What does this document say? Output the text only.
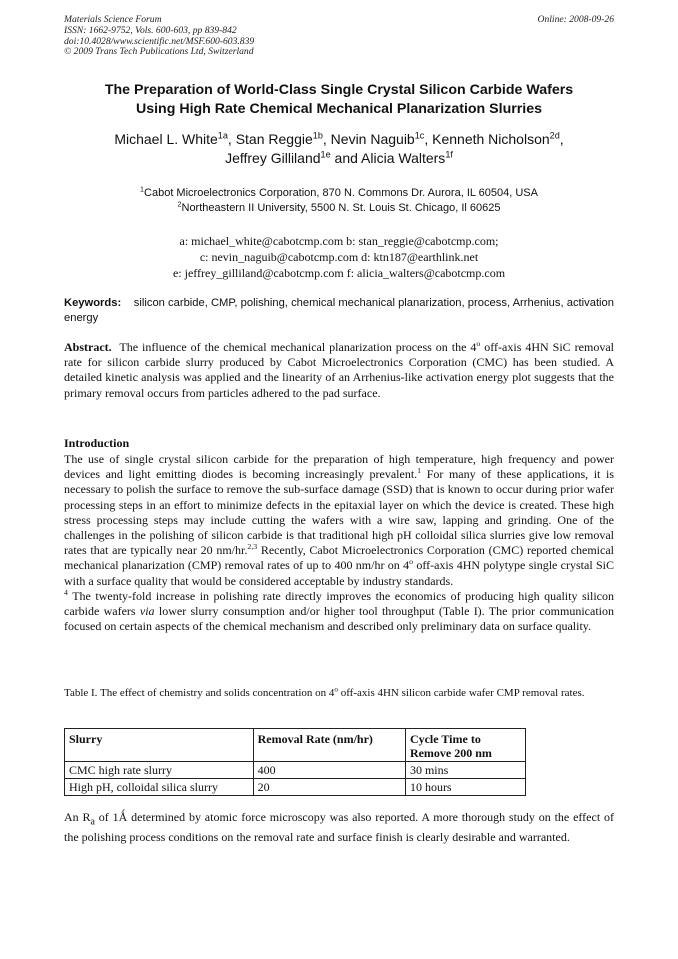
Materials Science Forum
ISSN: 1662-9752, Vols. 600-603, pp 839-842
doi:10.4028/www.scientific.net/MSF.600-603.839
© 2009 Trans Tech Publications Ltd, Switzerland
Online: 2008-09-26
The Preparation of World-Class Single Crystal Silicon Carbide Wafers
Using High Rate Chemical Mechanical Planarization Slurries
Michael L. White$^{1a}$, Stan Reggie$^{1b}$, Nevin Naguib$^{1c}$, Kenneth Nicholson$^{2d}$,
Jeffrey Gilliland$^{1e}$ and Alicia Walters$^{1f}$
$^1$Cabot Microelectronics Corporation, 870 N. Commons Dr. Aurora, IL 60504, USA
$^2$Northeastern II University, 5500 N. St. Louis St. Chicago, Il 60625
a: michael_white@cabotcmp.com b: stan_reggie@cabotcmp.com;
c: nevin_naguib@cabotcmp.com d: ktn187@earthlink.net
e: jeffrey_gilliland@cabotcmp.com f: alicia_walters@cabotcmp.com
Keywords: silicon carbide, CMP, polishing, chemical mechanical planarization, process, Arrhenius, activation energy
Abstract. The influence of the chemical mechanical planarization process on the 4$^o$ off-axis 4HN SiC removal rate for silicon carbide slurry produced by Cabot Microelectronics Corporation (CMC) has been studied. A detailed kinetic analysis was applied and the linearity of an Arrhenius-like activation energy plot suggests that the primary removal occurs from particles adhered to the pad surface.
Introduction
The use of single crystal silicon carbide for the preparation of high temperature, high frequency and power devices and light emitting diodes is becoming increasingly prevalent.$^1$ For many of these applications, it is necessary to polish the surface to remove the sub-surface damage (SSD) that is known to occur during prior wafer processing steps in an effort to minimize defects in the epitaxial layer on which the device is created. These high stress processing steps may include cutting the wafers with a wire saw, lapping and grinding. One of the challenges in the polishing of silicon carbide is that traditional high pH colloidal silica slurries give low removal rates that are typically near 20 nm/hr.$^{2,3}$ Recently, Cabot Microelectronics Corporation (CMC) reported chemical mechanical planarization (CMP) removal rates of up to 400 nm/hr on 4$^o$ off-axis 4HN polytype single crystal SiC with a surface quality that would be considered acceptable by industry standards.
$^4$ The twenty-fold increase in polishing rate directly improves the economics of producing high quality silicon carbide wafers via lower slurry consumption and/or higher tool throughput (Table I). The prior communication focused on certain aspects of the chemical mechanism and described only preliminary data on surface quality.
Table I. The effect of chemistry and solids concentration on 4$^o$ off-axis 4HN silicon carbide wafer CMP removal rates.
Slurry	Removal Rate (nm/hr)	Cycle Time to Remove 200 nm
CMC high rate slurry	400	30 mins
High pH, colloidal silica slurry	20	10 hours
An $R_a$ of 1Ǻ determined by atomic force microscopy was also reported. A more thorough study on the effect of the polishing process conditions on the removal rate and surface finish is clearly desirable and warranted.
